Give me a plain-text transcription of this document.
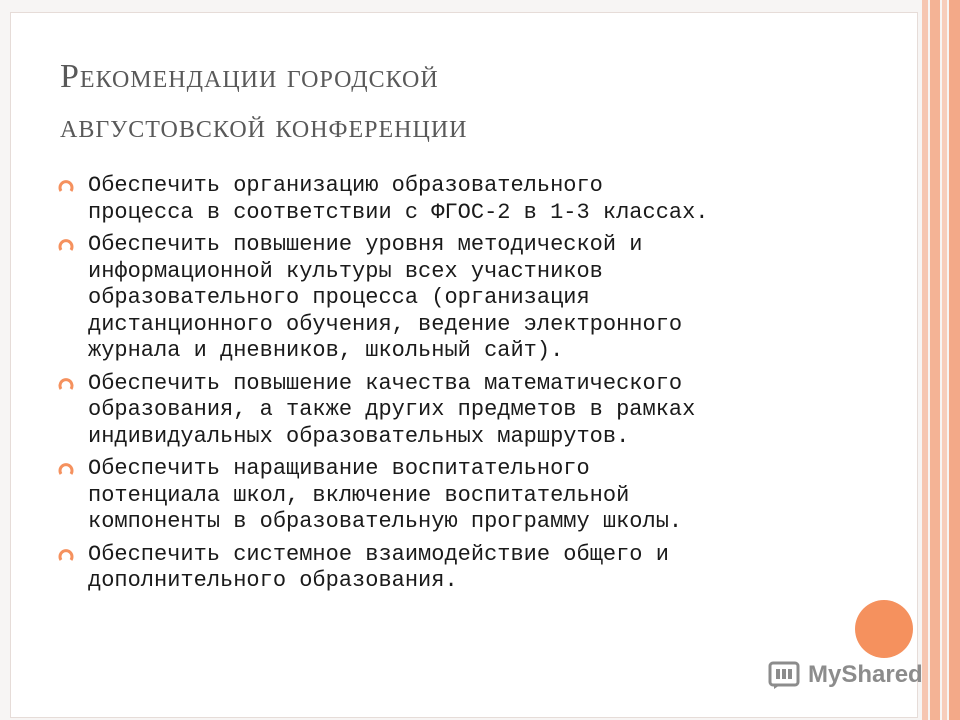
Рекомендации городской
августовской конференции
Обеспечить организацию образовательного
процесса в соответствии с ФГОС-2 в 1-3 классах.
Обеспечить повышение уровня методической и
информационной культуры всех участников
образовательного процесса (организация
дистанционного обучения, ведение электронного
журнала и дневников, школьный сайт).
Обеспечить повышение качества математического
образования, а также других предметов в рамках
индивидуальных образовательных маршрутов.
Обеспечить наращивание воспитательного
потенциала школ, включение воспитательной
компоненты в образовательную программу школы.
Обеспечить системное взаимодействие общего и
дополнительного образования.
MyShared
